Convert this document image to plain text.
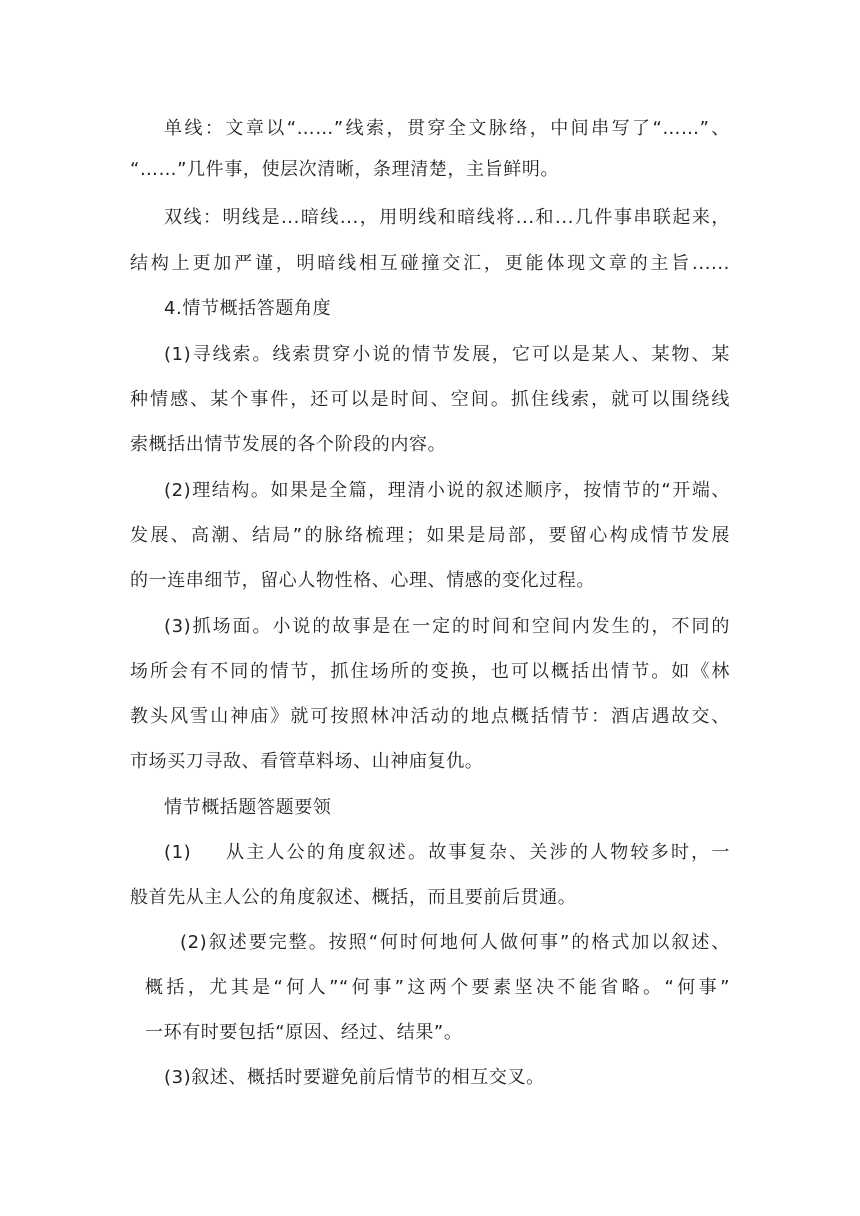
单线：文章以“……”线索，贯穿全文脉络，中间串写了“……”、
“……”几件事，使层次清晰，条理清楚，主旨鲜明。
双线：明线是...暗线...，用明线和暗线将...和...几件事串联起来，
结构上更加严谨，明暗线相互碰撞交汇，更能体现文章的主旨......
4.情节概括答题角度
(1)寻线索。线索贯穿小说的情节发展，它可以是某人、某物、某
种情感、某个事件，还可以是时间、空间。抓住线索，就可以围绕线
索概括出情节发展的各个阶段的内容。
(2)理结构。如果是全篇，理清小说的叙述顺序，按情节的“开端、
发展、高潮、结局”的脉络梳理；如果是局部，要留心构成情节发展
的一连串细节，留心人物性格、心理、情感的变化过程。
(3)抓场面。小说的故事是在一定的时间和空间内发生的，不同的
场所会有不同的情节，抓住场所的变换，也可以概括出情节。如《林
教头风雪山神庙》就可按照林冲活动的地点概括情节：酒店遇故交、
市场买刀寻敌、看管草料场、山神庙复仇。
情节概括题答题要领
(1) 从主人公的角度叙述。故事复杂、关涉的人物较多时，一
般首先从主人公的角度叙述、概括，而且要前后贯通。
(2)叙述要完整。按照“何时何地何人做何事”的格式加以叙述、
概括，尤其是“何人”“何事”这两个要素坚决不能省略。“何事”
一环有时要包括“原因、经过、结果”。
(3)叙述、概括时要避免前后情节的相互交叉。
